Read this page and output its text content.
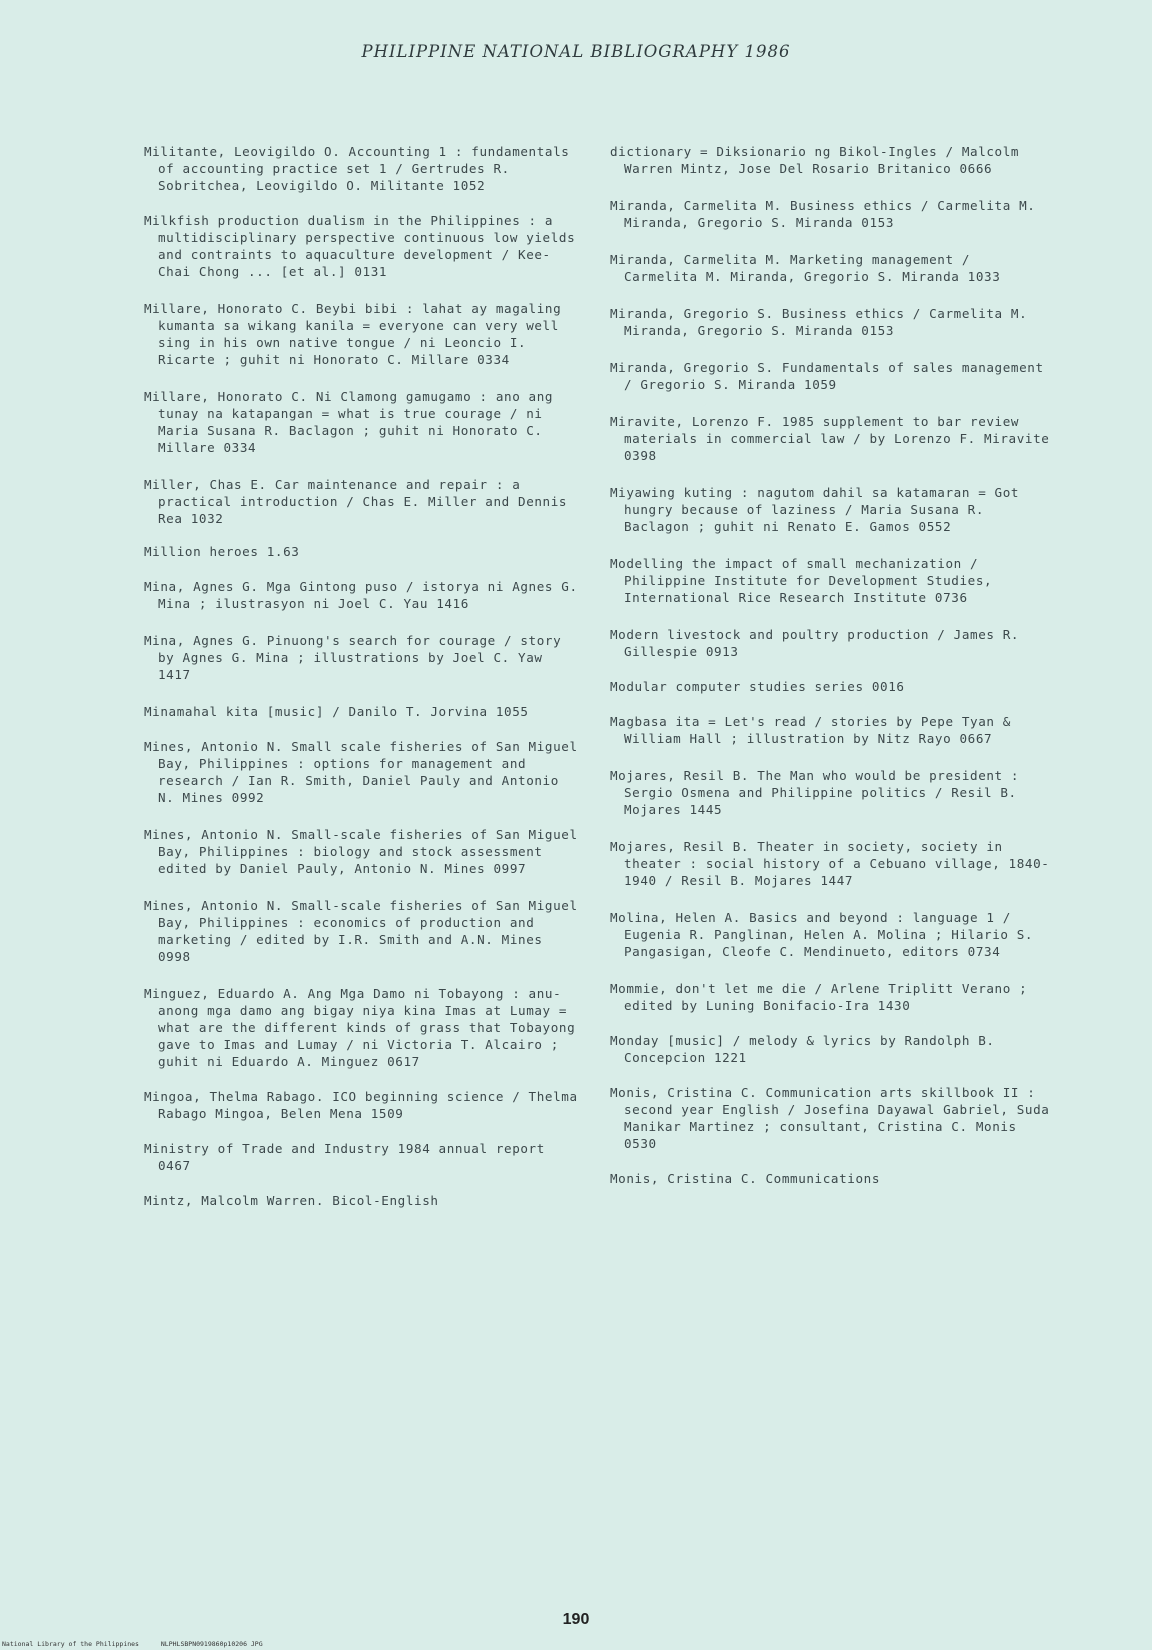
PHILIPPINE NATIONAL BIBLIOGRAPHY 1986

Militante, Leovigildo O. Accounting 1 : fundamentals of accounting practice set 1 / Gertrudes R. Sobritchea, Leovigildo O. Militante 1052

Milkfish production dualism in the Philippines : a multidisciplinary perspective continuous low yields and contraints to aquaculture development / Kee-Chai Chong ... [et al.] 0131

Millare, Honorato C. Beybi bibi : lahat ay magaling kumanta sa wikang kanila = everyone can very well sing in his own native tongue / ni Leoncio I. Ricarte ; guhit ni Honorato C. Millare 0334

Millare, Honorato C. Ni Clamong gamugamo : ano ang tunay na katapangan = what is true courage / ni Maria Susana R. Baclagon ; guhit ni Honorato C. Millare 0334

Miller, Chas E. Car maintenance and repair : a practical introduction / Chas E. Miller and Dennis Rea 1032

Million heroes 1.63

Mina, Agnes G. Mga Gintong puso / istorya ni Agnes G. Mina ; ilustrasyon ni Joel C. Yau 1416

Mina, Agnes G. Pinuong's search for courage / story by Agnes G. Mina ; illustrations by Joel C. Yaw 1417

Minamahal kita [music] / Danilo T. Jorvina 1055

Mines, Antonio N. Small scale fisheries of San Miguel Bay, Philippines : options for management and research / Ian R. Smith, Daniel Pauly and Antonio N. Mines 0992

Mines, Antonio N. Small-scale fisheries of San Miguel Bay, Philippines : biology and stock assessment edited by Daniel Pauly, Antonio N. Mines 0997

Mines, Antonio N. Small-scale fisheries of San Miguel Bay, Philippines : economics of production and marketing / edited by I.R. Smith and A.N. Mines 0998

Minguez, Eduardo A. Ang Mga Damo ni Tobayong : anu-anong mga damo ang bigay niya kina Imas at Lumay = what are the different kinds of grass that Tobayong gave to Imas and Lumay / ni Victoria T. Alcairo ; guhit ni Eduardo A. Minguez 0617

Mingoa, Thelma Rabago. ICO beginning science / Thelma Rabago Mingoa, Belen Mena 1509

Ministry of Trade and Industry 1984 annual report 0467

Mintz, Malcolm Warren. Bicol-English

dictionary = Diksionario ng Bikol-Ingles / Malcolm Warren Mintz, Jose Del Rosario Britanico 0666

Miranda, Carmelita M. Business ethics / Carmelita M. Miranda, Gregorio S. Miranda 0153

Miranda, Carmelita M. Marketing management / Carmelita M. Miranda, Gregorio S. Miranda 1033

Miranda, Gregorio S. Business ethics / Carmelita M. Miranda, Gregorio S. Miranda 0153

Miranda, Gregorio S. Fundamentals of sales management / Gregorio S. Miranda 1059

Miravite, Lorenzo F. 1985 supplement to bar review materials in commercial law / by Lorenzo F. Miravite 0398

Miyawing kuting : nagutom dahil sa katamaran = Got hungry because of laziness / Maria Susana R. Baclagon ; guhit ni Renato E. Gamos 0552

Modelling the impact of small mechanization / Philippine Institute for Development Studies, International Rice Research Institute 0736

Modern livestock and poultry production / James R. Gillespie 0913

Modular computer studies series 0016

Magbasa ita = Let's read / stories by Pepe Tyan & William Hall ; illustration by Nitz Rayo 0667

Mojares, Resil B. The Man who would be president : Sergio Osmena and Philippine politics / Resil B. Mojares 1445

Mojares, Resil B. Theater in society, society in theater : social history of a Cebuano village, 1840-1940 / Resil B. Mojares 1447

Molina, Helen A. Basics and beyond : language 1 / Eugenia R. Panglinan, Helen A. Molina ; Hilario S. Pangasigan, Cleofe C. Mendinueto, editors 0734

Mommie, don't let me die / Arlene Triplitt Verano ; edited by Luning Bonifacio-Ira 1430

Monday [music] / melody & lyrics by Randolph B. Concepcion 1221

Monis, Cristina C. Communication arts skillbook II : second year English / Josefina Dayawal Gabriel, Suda Manikar Martinez ; consultant, Cristina C. Monis 0530

Monis, Cristina C. Communications

190
National Library of the Philippines	NLPHLSBPN0919860p10206 JPG
